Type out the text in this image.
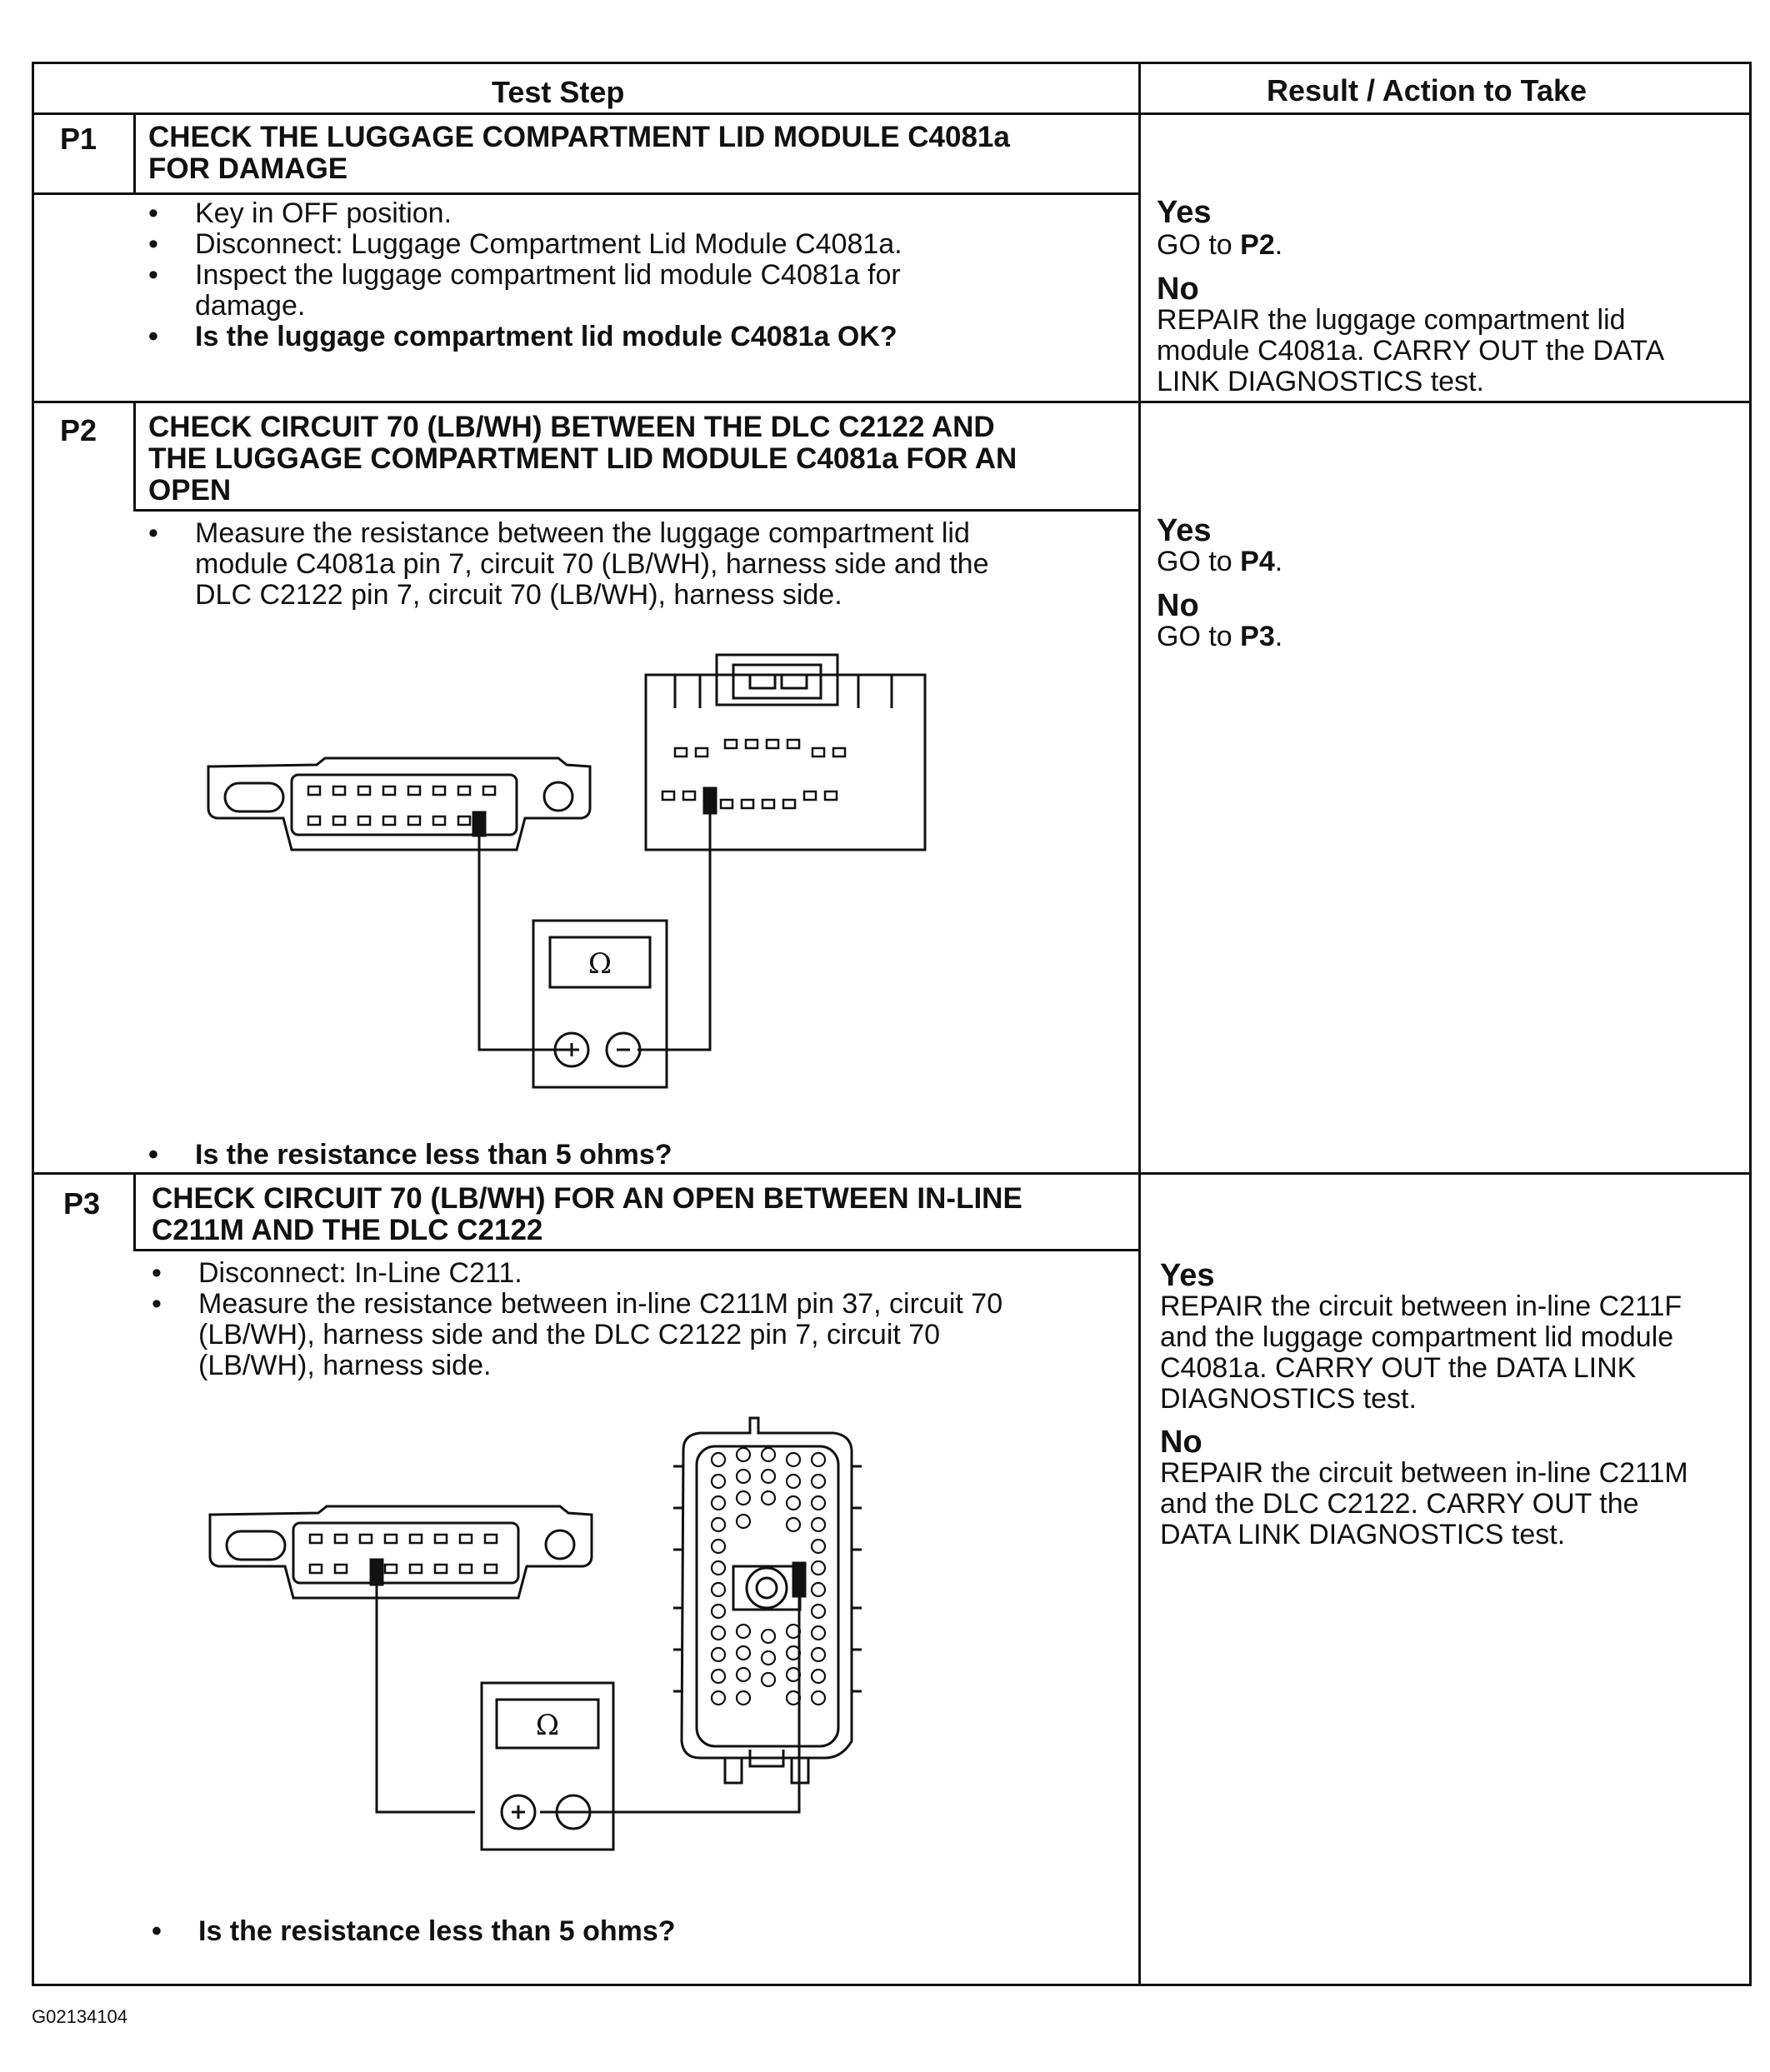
Test Step	Result / Action to Take
P1 CHECK THE LUGGAGE COMPARTMENT LID MODULE C4081a
FOR DAMAGE
• Key in OFF position.
• Disconnect: Luggage Compartment Lid Module C4081a.
• Inspect the luggage compartment lid module C4081a for
damage.
• Is the luggage compartment lid module C4081a OK?
Yes
GO to P2.
No
REPAIR the luggage compartment lid
module C4081a. CARRY OUT the DATA
LINK DIAGNOSTICS test.
P2 CHECK CIRCUIT 70 (LB/WH) BETWEEN THE DLC C2122 AND
THE LUGGAGE COMPARTMENT LID MODULE C4081a FOR AN
OPEN
• Measure the resistance between the luggage compartment lid
module C4081a pin 7, circuit 70 (LB/WH), harness side and the
DLC C2122 pin 7, circuit 70 (LB/WH), harness side.
Ω
• Is the resistance less than 5 ohms?
Yes
GO to P4.
No
GO to P3.
P3 CHECK CIRCUIT 70 (LB/WH) FOR AN OPEN BETWEEN IN-LINE
C211M AND THE DLC C2122
• Disconnect: In-Line C211.
• Measure the resistance between in-line C211M pin 37, circuit 70
(LB/WH), harness side and the DLC C2122 pin 7, circuit 70
(LB/WH), harness side.
Ω
• Is the resistance less than 5 ohms?
Yes
REPAIR the circuit between in-line C211F
and the luggage compartment lid module
C4081a. CARRY OUT the DATA LINK
DIAGNOSTICS test.
No
REPAIR the circuit between in-line C211M
and the DLC C2122. CARRY OUT the
DATA LINK DIAGNOSTICS test.
G02134104
